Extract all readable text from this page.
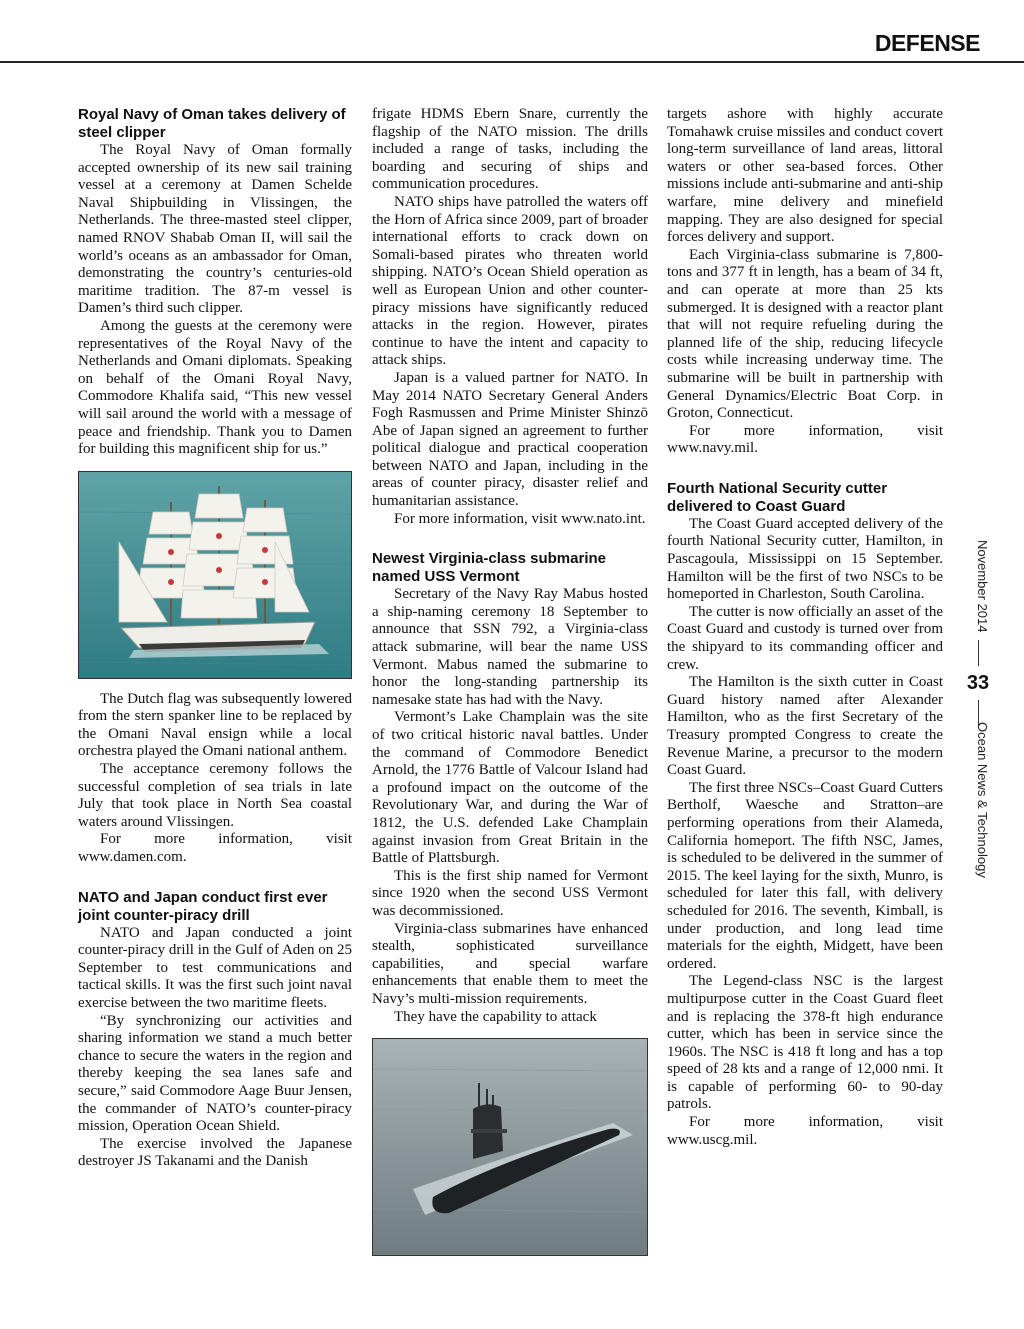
DEFENSE
Royal Navy of Oman takes delivery of steel clipper

The Royal Navy of Oman formally accepted ownership of its new sail training vessel at a ceremony at Damen Schelde Naval Shipbuilding in Vlissingen, the Netherlands. The three-masted steel clipper, named RNOV Shabab Oman II, will sail the world’s oceans as an ambassador for Oman, demonstrating the country’s centuries-old maritime tradition. The 87-m vessel is Damen’s third such clipper.

Among the guests at the ceremony were representatives of the Royal Navy of the Netherlands and Omani diplomats. Speaking on behalf of the Omani Royal Navy, Commodore Khalifa said, “This new vessel will sail around the world with a message of peace and friendship. Thank you to Damen for building this magnificent ship for us.”

The Dutch flag was subsequently lowered from the stern spanker line to be replaced by the Omani Naval ensign while a local orchestra played the Omani national anthem.

The acceptance ceremony follows the successful completion of sea trials in late July that took place in North Sea coastal waters around Vlissingen.

For more information, visit www.damen.com.

NATO and Japan conduct first ever joint counter-piracy drill

NATO and Japan conducted a joint counter-piracy drill in the Gulf of Aden on 25 September to test communications and tactical skills. It was the first such joint naval exercise between the two maritime fleets.

“By synchronizing our activities and sharing information we stand a much better chance to secure the waters in the region and thereby keeping the sea lanes safe and secure,” said Commodore Aage Buur Jensen, the commander of NATO’s counter-piracy mission, Operation Ocean Shield.

The exercise involved the Japanese destroyer JS Takanami and the Danish

frigate HDMS Ebern Snare, currently the flagship of the NATO mission. The drills included a range of tasks, including the boarding and securing of ships and communication procedures.

NATO ships have patrolled the waters off the Horn of Africa since 2009, part of broader international efforts to crack down on Somali-based pirates who threaten world shipping. NATO’s Ocean Shield operation as well as European Union and other counter-piracy missions have significantly reduced attacks in the region. However, pirates continue to have the intent and capacity to attack ships.

Japan is a valued partner for NATO. In May 2014 NATO Secretary General Anders Fogh Rasmussen and Prime Minister Shinzō Abe of Japan signed an agreement to further political dialogue and practical cooperation between NATO and Japan, including in the areas of counter piracy, disaster relief and humanitarian assistance.

For more information, visit www.nato.int.

Newest Virginia-class submarine named USS Vermont

Secretary of the Navy Ray Mabus hosted a ship-naming ceremony 18 September to announce that SSN 792, a Virginia-class attack submarine, will bear the name USS Vermont. Mabus named the submarine to honor the long-standing partnership its namesake state has had with the Navy.

Vermont’s Lake Champlain was the site of two critical historic naval battles. Under the command of Commodore Benedict Arnold, the 1776 Battle of Valcour Island had a profound impact on the outcome of the Revolutionary War, and during the War of 1812, the U.S. defended Lake Champlain against invasion from Great Britain in the Battle of Plattsburgh.

This is the first ship named for Vermont since 1920 when the second USS Vermont was decommissioned.

Virginia-class submarines have enhanced stealth, sophisticated surveillance capabilities, and special warfare enhancements that enable them to meet the Navy’s multi-mission requirements.

They have the capability to attack

targets ashore with highly accurate Tomahawk cruise missiles and conduct covert long-term surveillance of land areas, littoral waters or other sea-based forces. Other missions include anti-submarine and anti-ship warfare, mine delivery and minefield mapping. They are also designed for special forces delivery and support.

Each Virginia-class submarine is 7,800-tons and 377 ft in length, has a beam of 34 ft, and can operate at more than 25 kts submerged. It is designed with a reactor plant that will not require refueling during the planned life of the ship, reducing lifecycle costs while increasing underway time. The submarine will be built in partnership with General Dynamics/Electric Boat Corp. in Groton, Connecticut.

For more information, visit www.navy.mil.

Fourth National Security cutter delivered to Coast Guard

The Coast Guard accepted delivery of the fourth National Security cutter, Hamilton, in Pascagoula, Mississippi on 15 September. Hamilton will be the first of two NSCs to be homeported in Charleston, South Carolina.

The cutter is now officially an asset of the Coast Guard and custody is turned over from the shipyard to its commanding officer and crew.

The Hamilton is the sixth cutter in Coast Guard history named after Alexander Hamilton, who as the first Secretary of the Treasury prompted Congress to create the Revenue Marine, a precursor to the modern Coast Guard.

The first three NSCs–Coast Guard Cutters Bertholf, Waesche and Stratton–are performing operations from their Alameda, California homeport. The fifth NSC, James, is scheduled to be delivered in the summer of 2015. The keel laying for the sixth, Munro, is scheduled for later this fall, with delivery scheduled for 2016. The seventh, Kimball, is under production, and long lead time materials for the eighth, Midgett, have been ordered.

The Legend-class NSC is the largest multipurpose cutter in the Coast Guard fleet and is replacing the 378-ft high endurance cutter, which has been in service since the 1960s. The NSC is 418 ft long and has a top speed of 28 kts and a range of 12,000 nmi. It is capable of performing 60- to 90-day patrols.

For more information, visit www.uscg.mil.

November 2014
33
Ocean News & Technology
